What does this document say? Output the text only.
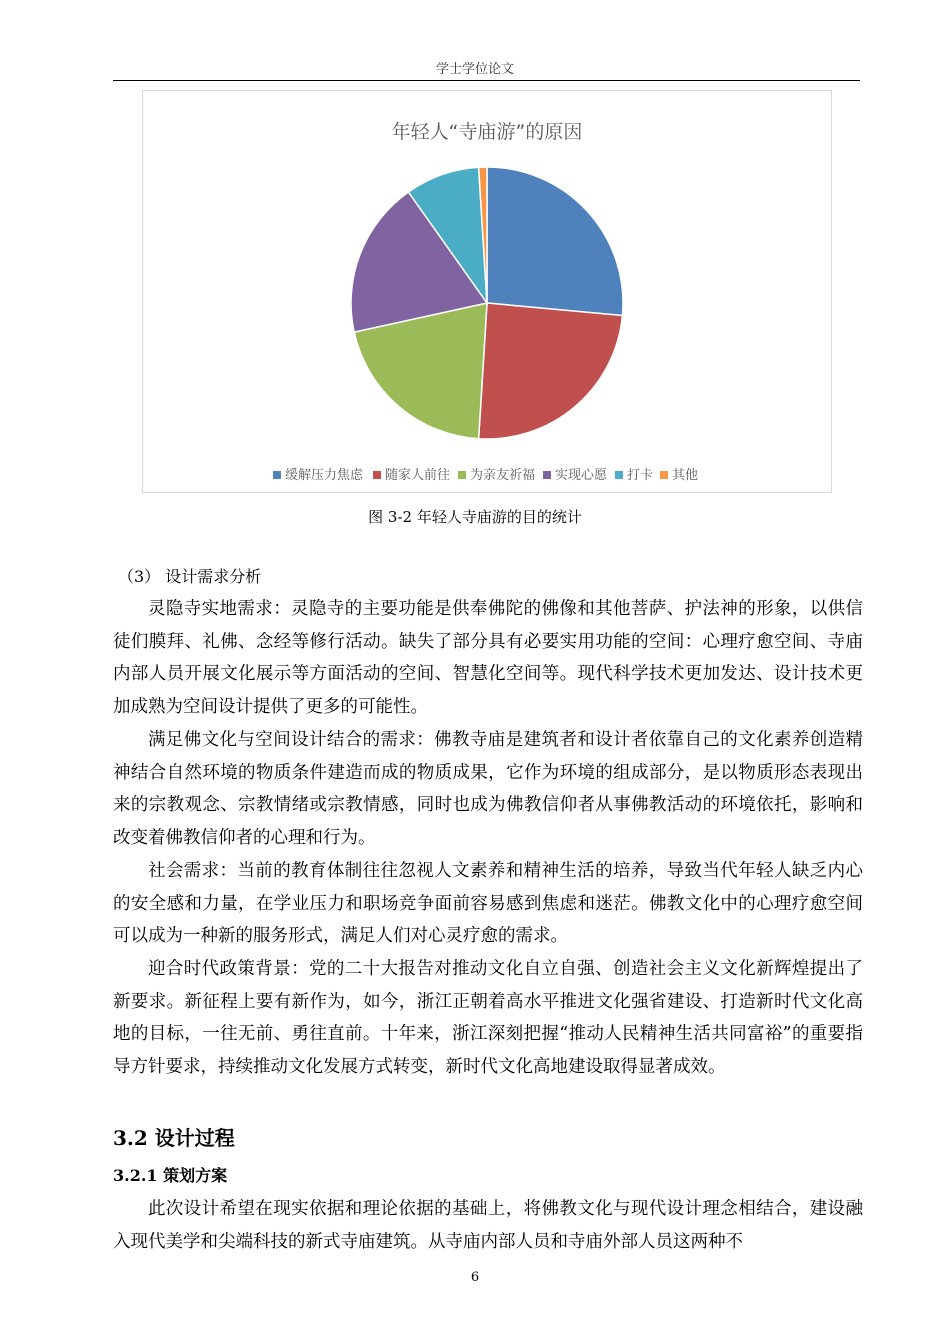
学士学位论文
年轻人“寺庙游”的原因
缓解压力焦虑 随家人前往 为亲友祈福 实现心愿 打卡 其他
图 3-2 年轻人寺庙游的目的统计
（3） 设计需求分析

灵隐寺实地需求：灵隐寺的主要功能是供奉佛陀的佛像和其他菩萨、护法神的形象，以供信徒们膜拜、礼佛、念经等修行活动。缺失了部分具有必要实用功能的空间：心理疗愈空间、寺庙内部人员开展文化展示等方面活动的空间、智慧化空间等。现代科学技术更加发达、设计技术更加成熟为空间设计提供了更多的可能性。

满足佛文化与空间设计结合的需求：佛教寺庙是建筑者和设计者依靠自己的文化素养创造精神结合自然环境的物质条件建造而成的物质成果，它作为环境的组成部分，是以物质形态表现出来的宗教观念、宗教情绪或宗教情感，同时也成为佛教信仰者从事佛教活动的环境依托，影响和改变着佛教信仰者的心理和行为。

社会需求：当前的教育体制往往忽视人文素养和精神生活的培养，导致当代年轻人缺乏内心的安全感和力量，在学业压力和职场竞争面前容易感到焦虑和迷茫。佛教文化中的心理疗愈空间可以成为一种新的服务形式，满足人们对心灵疗愈的需求。

迎合时代政策背景：党的二十大报告对推动文化自立自强、创造社会主义文化新辉煌提出了新要求。新征程上要有新作为，如今，浙江正朝着高水平推进文化强省建设、打造新时代文化高地的目标，一往无前、勇往直前。十年来，浙江深刻把握“推动人民精神生活共同富裕”的重要指导方针要求，持续推动文化发展方式转变，新时代文化高地建设取得显著成效。

3.2 设计过程
3.2.1 策划方案

此次设计希望在现实依据和理论依据的基础上，将佛教文化与现代设计理念相结合，建设融入现代美学和尖端科技的新式寺庙建筑。从寺庙内部人员和寺庙外部人员这两种不

6
